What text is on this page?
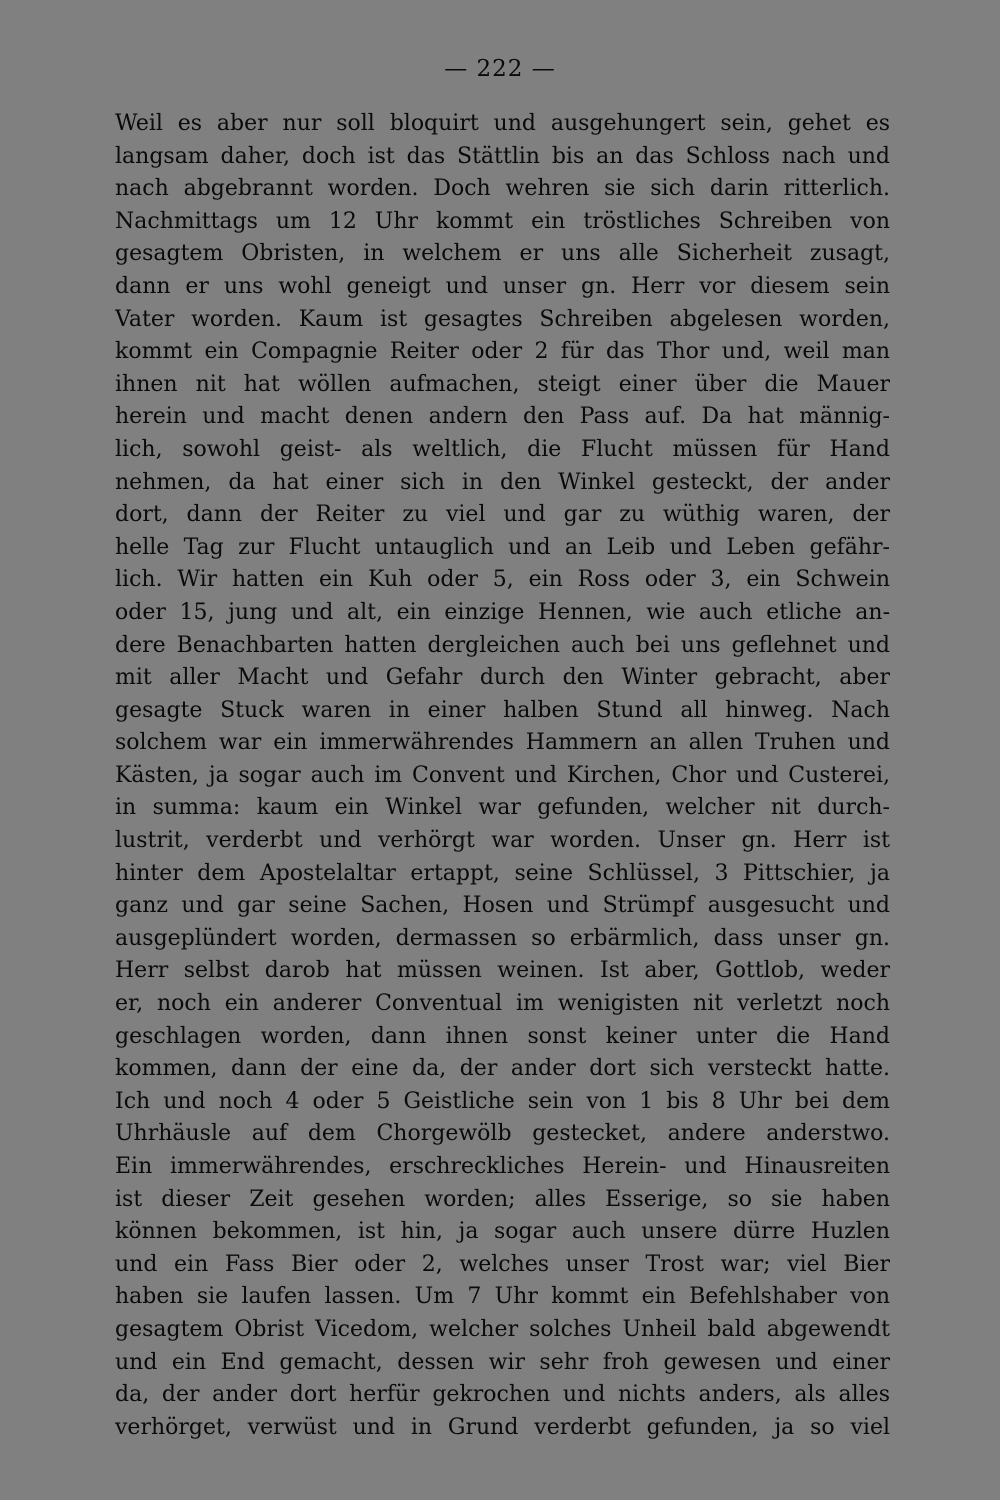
— 222 —
Weil es aber nur soll bloquirt und ausgehungert sein, gehet es
langsam daher, doch ist das Stättlin bis an das Schloss nach und
nach abgebrannt worden. Doch wehren sie sich darin ritterlich.
Nachmittags um 12 Uhr kommt ein tröstliches Schreiben von
gesagtem Obristen, in welchem er uns alle Sicherheit zusagt,
dann er uns wohl geneigt und unser gn. Herr vor diesem sein
Vater worden. Kaum ist gesagtes Schreiben abgelesen worden,
kommt ein Compagnie Reiter oder 2 für das Thor und, weil man
ihnen nit hat wöllen aufmachen, steigt einer über die Mauer
herein und macht denen andern den Pass auf. Da hat männig-
lich, sowohl geist- als weltlich, die Flucht müssen für Hand
nehmen, da hat einer sich in den Winkel gesteckt, der ander
dort, dann der Reiter zu viel und gar zu wüthig waren, der
helle Tag zur Flucht untauglich und an Leib und Leben gefähr-
lich. Wir hatten ein Kuh oder 5, ein Ross oder 3, ein Schwein
oder 15, jung und alt, ein einzige Hennen, wie auch etliche an-
dere Benachbarten hatten dergleichen auch bei uns geflehnet und
mit aller Macht und Gefahr durch den Winter gebracht, aber
gesagte Stuck waren in einer halben Stund all hinweg. Nach
solchem war ein immerwährendes Hammern an allen Truhen und
Kästen, ja sogar auch im Convent und Kirchen, Chor und Custerei,
in summa: kaum ein Winkel war gefunden, welcher nit durch-
lustrit, verderbt und verhörgt war worden. Unser gn. Herr ist
hinter dem Apostelaltar ertappt, seine Schlüssel, 3 Pittschier, ja
ganz und gar seine Sachen, Hosen und Strümpf ausgesucht und
ausgeplündert worden, dermassen so erbärmlich, dass unser gn.
Herr selbst darob hat müssen weinen. Ist aber, Gottlob, weder
er, noch ein anderer Conventual im wenigisten nit verletzt noch
geschlagen worden, dann ihnen sonst keiner unter die Hand
kommen, dann der eine da, der ander dort sich versteckt hatte.
Ich und noch 4 oder 5 Geistliche sein von 1 bis 8 Uhr bei dem
Uhrhäusle auf dem Chorgewölb gestecket, andere anderstwo.
Ein immerwährendes, erschreckliches Herein- und Hinausreiten
ist dieser Zeit gesehen worden; alles Esserige, so sie haben
können bekommen, ist hin, ja sogar auch unsere dürre Huzlen
und ein Fass Bier oder 2, welches unser Trost war; viel Bier
haben sie laufen lassen. Um 7 Uhr kommt ein Befehlshaber von
gesagtem Obrist Vicedom, welcher solches Unheil bald abgewendt
und ein End gemacht, dessen wir sehr froh gewesen und einer
da, der ander dort herfür gekrochen und nichts anders, als alles
verhörget, verwüst und in Grund verderbt gefunden, ja so viel
